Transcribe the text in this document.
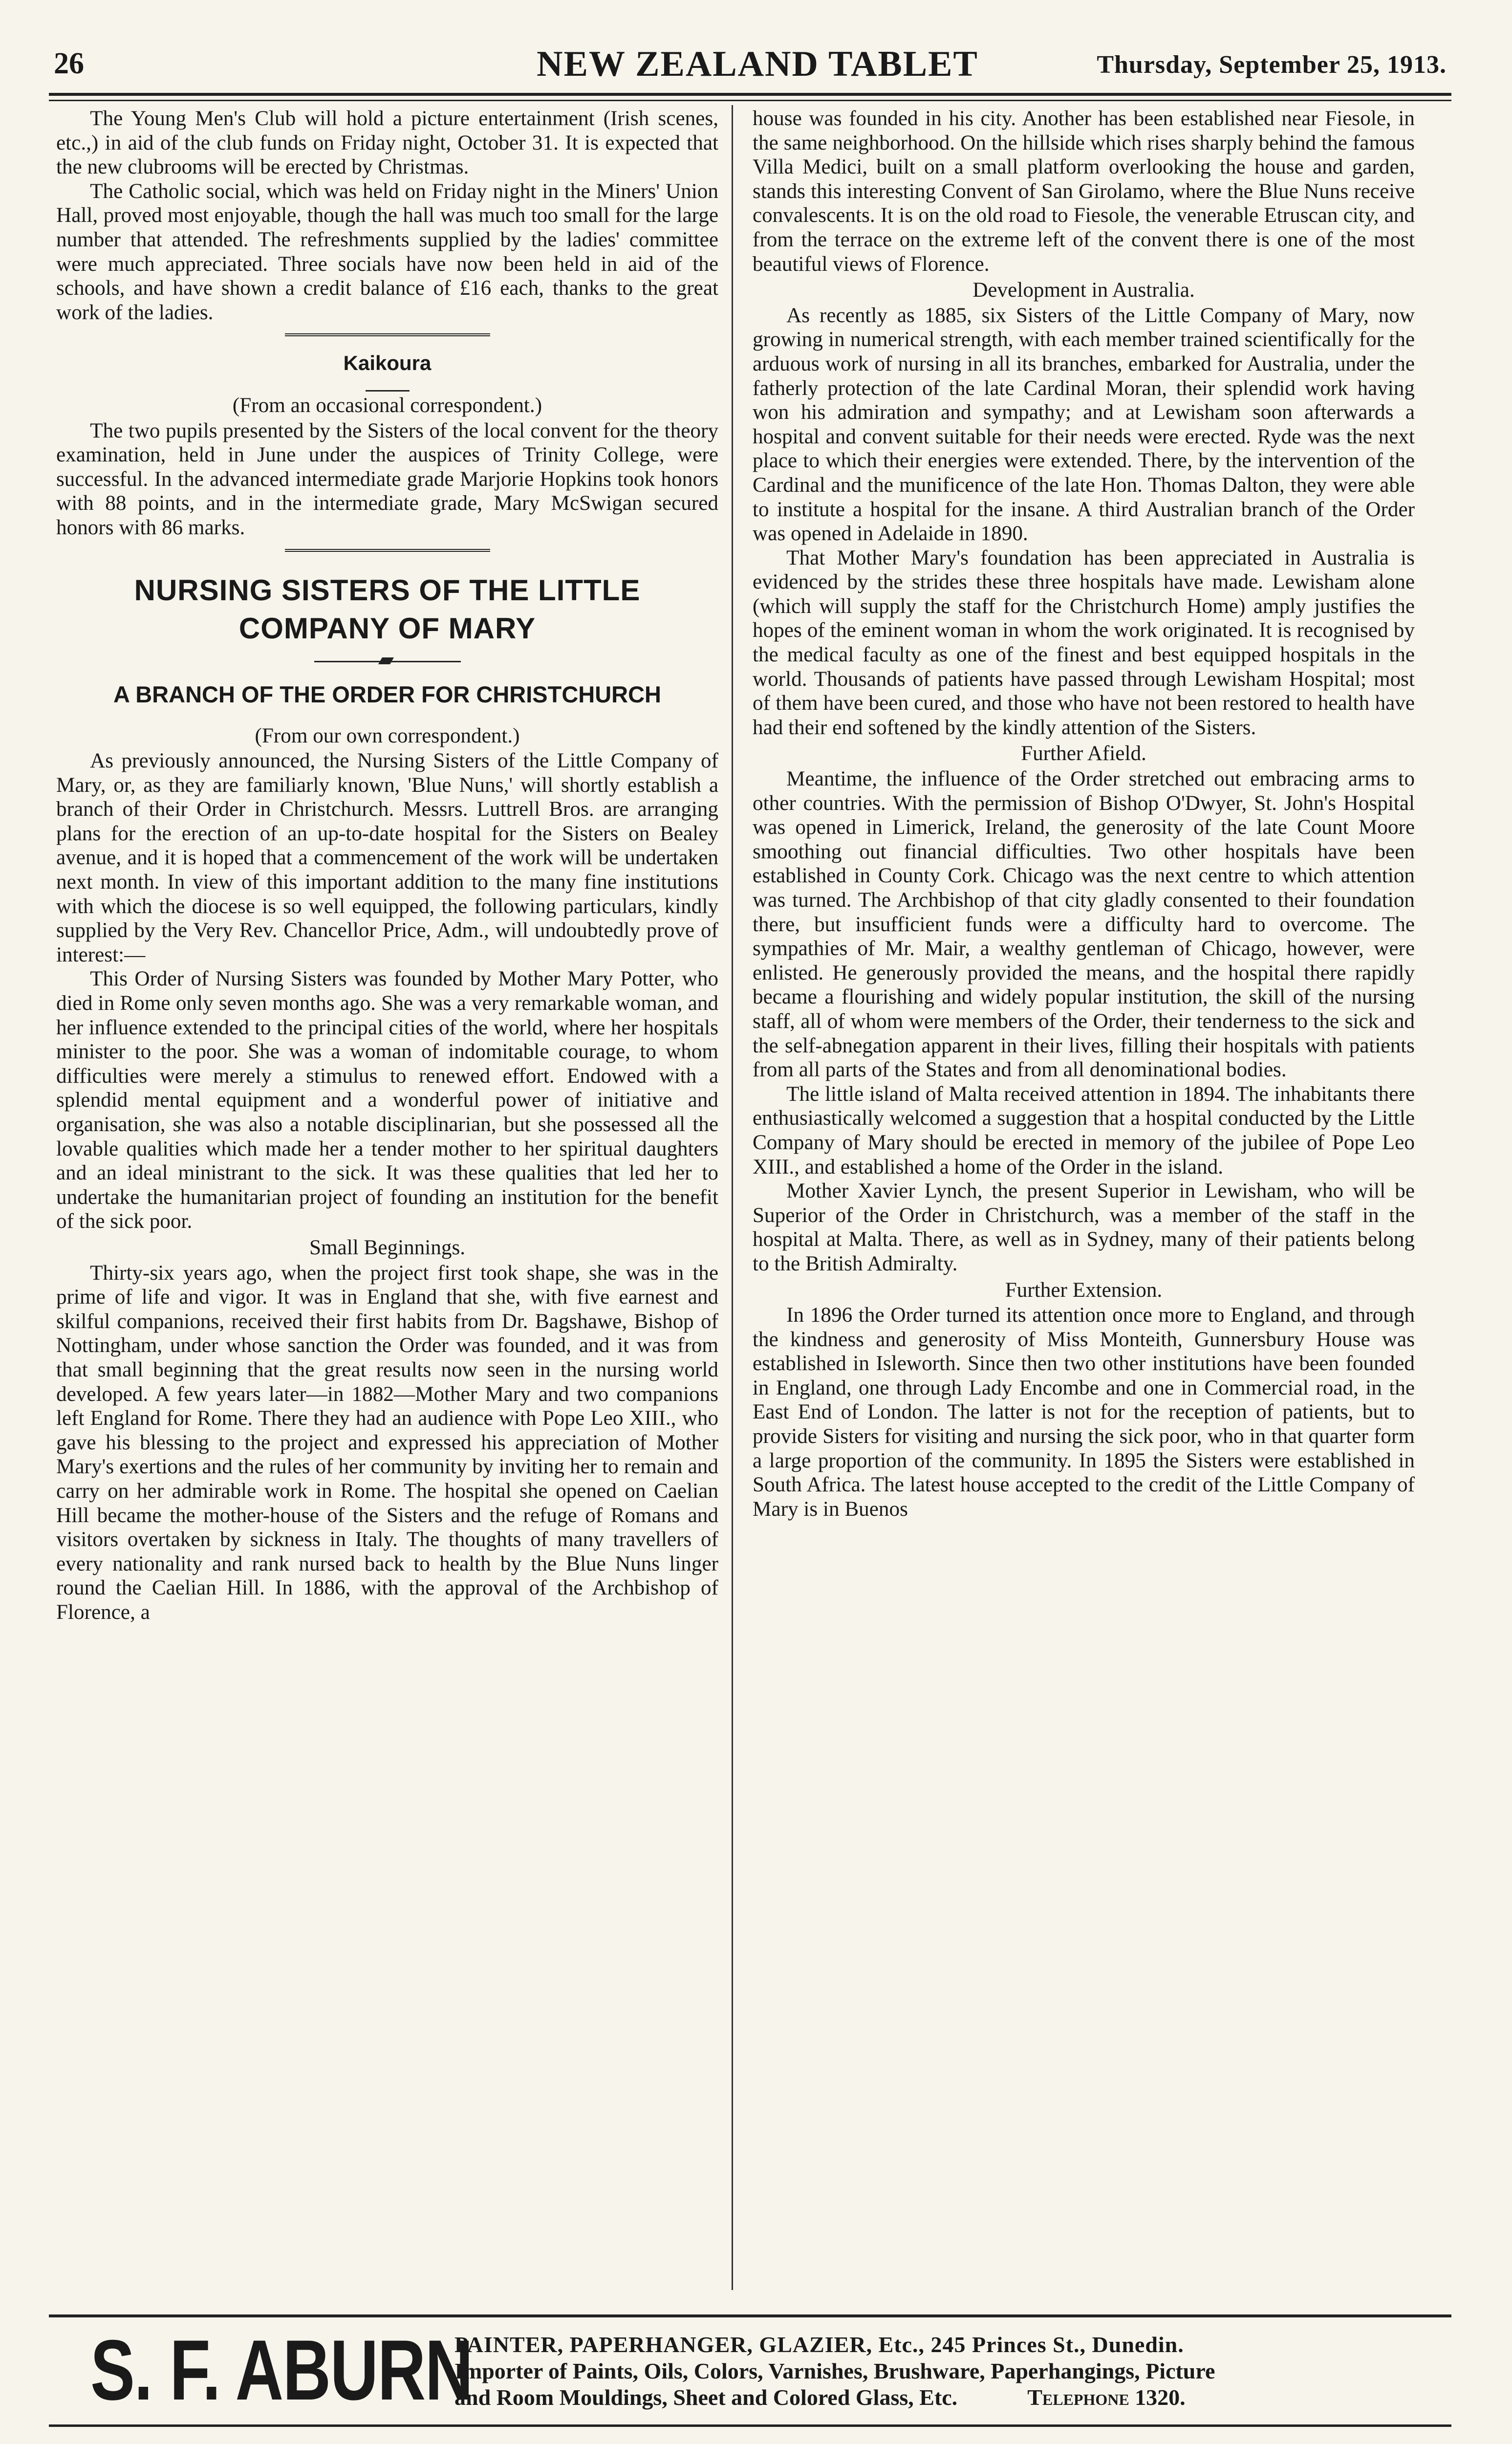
26	NEW ZEALAND TABLET	Thursday, September 25, 1913.

The Young Men's Club will hold a picture entertainment (Irish scenes, etc.,) in aid of the club funds on Friday night, October 31. It is expected that the new clubrooms will be erected by Christmas.

The Catholic social, which was held on Friday night in the Miners' Union Hall, proved most enjoyable, though the hall was much too small for the large number that attended. The refreshments supplied by the ladies' committee were much appreciated. Three socials have now been held in aid of the schools, and have shown a credit balance of £16 each, thanks to the great work of the ladies.

Kaikoura
(From an occasional correspondent.)

The two pupils presented by the Sisters of the local convent for the theory examination, held in June under the auspices of Trinity College, were successful. In the advanced intermediate grade Marjorie Hopkins took honors with 88 points, and in the intermediate grade, Mary McSwigan secured honors with 86 marks.

NURSING SISTERS OF THE LITTLE COMPANY OF MARY
A BRANCH OF THE ORDER FOR CHRISTCHURCH
(From our own correspondent.)

As previously announced, the Nursing Sisters of the Little Company of Mary, or, as they are familiarly known, 'Blue Nuns,' will shortly establish a branch of their Order in Christchurch. Messrs. Luttrell Bros. are arranging plans for the erection of an up-to-date hospital for the Sisters on Bealey avenue, and it is hoped that a commencement of the work will be undertaken next month. In view of this important addition to the many fine institutions with which the diocese is so well equipped, the following particulars, kindly supplied by the Very Rev. Chancellor Price, Adm., will undoubtedly prove of interest:—

This Order of Nursing Sisters was founded by Mother Mary Potter, who died in Rome only seven months ago. She was a very remarkable woman, and her influence extended to the principal cities of the world, where her hospitals minister to the poor. She was a woman of indomitable courage, to whom difficulties were merely a stimulus to renewed effort. Endowed with a splendid mental equipment and a wonderful power of initiative and organisation, she was also a notable disciplinarian, but she possessed all the lovable qualities which made her a tender mother to her spiritual daughters and an ideal ministrant to the sick. It was these qualities that led her to undertake the humanitarian project of founding an institution for the benefit of the sick poor.

Small Beginnings.

Thirty-six years ago, when the project first took shape, she was in the prime of life and vigor. It was in England that she, with five earnest and skilful companions, received their first habits from Dr. Bagshawe, Bishop of Nottingham, under whose sanction the Order was founded, and it was from that small beginning that the great results now seen in the nursing world developed. A few years later—in 1882—Mother Mary and two companions left England for Rome. There they had an audience with Pope Leo XIII., who gave his blessing to the project and expressed his appreciation of Mother Mary's exertions and the rules of her community by inviting her to remain and carry on her admirable work in Rome. The hospital she opened on Caelian Hill became the mother-house of the Sisters and the refuge of Romans and visitors overtaken by sickness in Italy. The thoughts of many travellers of every nationality and rank nursed back to health by the Blue Nuns linger round the Caelian Hill. In 1886, with the approval of the Archbishop of Florence, a

house was founded in his city. Another has been established near Fiesole, in the same neighborhood. On the hillside which rises sharply behind the famous Villa Medici, built on a small platform overlooking the house and garden, stands this interesting Convent of San Girolamo, where the Blue Nuns receive convalescents. It is on the old road to Fiesole, the venerable Etruscan city, and from the terrace on the extreme left of the convent there is one of the most beautiful views of Florence.

Development in Australia.

As recently as 1885, six Sisters of the Little Company of Mary, now growing in numerical strength, with each member trained scientifically for the arduous work of nursing in all its branches, embarked for Australia, under the fatherly protection of the late Cardinal Moran, their splendid work having won his admiration and sympathy; and at Lewisham soon afterwards a hospital and convent suitable for their needs were erected. Ryde was the next place to which their energies were extended. There, by the intervention of the Cardinal and the munificence of the late Hon. Thomas Dalton, they were able to institute a hospital for the insane. A third Australian branch of the Order was opened in Adelaide in 1890.

That Mother Mary's foundation has been appreciated in Australia is evidenced by the strides these three hospitals have made. Lewisham alone (which will supply the staff for the Christchurch Home) amply justifies the hopes of the eminent woman in whom the work originated. It is recognised by the medical faculty as one of the finest and best equipped hospitals in the world. Thousands of patients have passed through Lewisham Hospital; most of them have been cured, and those who have not been restored to health have had their end softened by the kindly attention of the Sisters.

Further Afield.

Meantime, the influence of the Order stretched out embracing arms to other countries. With the permission of Bishop O'Dwyer, St. John's Hospital was opened in Limerick, Ireland, the generosity of the late Count Moore smoothing out financial difficulties. Two other hospitals have been established in County Cork. Chicago was the next centre to which attention was turned. The Archbishop of that city gladly consented to their foundation there, but insufficient funds were a difficulty hard to overcome. The sympathies of Mr. Mair, a wealthy gentleman of Chicago, however, were enlisted. He generously provided the means, and the hospital there rapidly became a flourishing and widely popular institution, the skill of the nursing staff, all of whom were members of the Order, their tenderness to the sick and the self-abnegation apparent in their lives, filling their hospitals with patients from all parts of the States and from all denominational bodies.

The little island of Malta received attention in 1894. The inhabitants there enthusiastically welcomed a suggestion that a hospital conducted by the Little Company of Mary should be erected in memory of the jubilee of Pope Leo XIII., and established a home of the Order in the island.

Mother Xavier Lynch, the present Superior in Lewisham, who will be Superior of the Order in Christchurch, was a member of the staff in the hospital at Malta. There, as well as in Sydney, many of their patients belong to the British Admiralty.

Further Extension.

In 1896 the Order turned its attention once more to England, and through the kindness and generosity of Miss Monteith, Gunnersbury House was established in Isleworth. Since then two other institutions have been founded in England, one through Lady Encombe and one in Commercial road, in the East End of London. The latter is not for the reception of patients, but to provide Sisters for visiting and nursing the sick poor, who in that quarter form a large proportion of the community. In 1895 the Sisters were established in South Africa. The latest house accepted to the credit of the Little Company of Mary is in Buenos

S. F. ABURN
PAINTER, PAPERHANGER, GLAZIER, Etc., 245 Princes St., Dunedin.
Importer of Paints, Oils, Colors, Varnishes, Brushware, Paperhangings, Picture
and Room Mouldings, Sheet and Colored Glass, Etc.	Telephone 1320.
